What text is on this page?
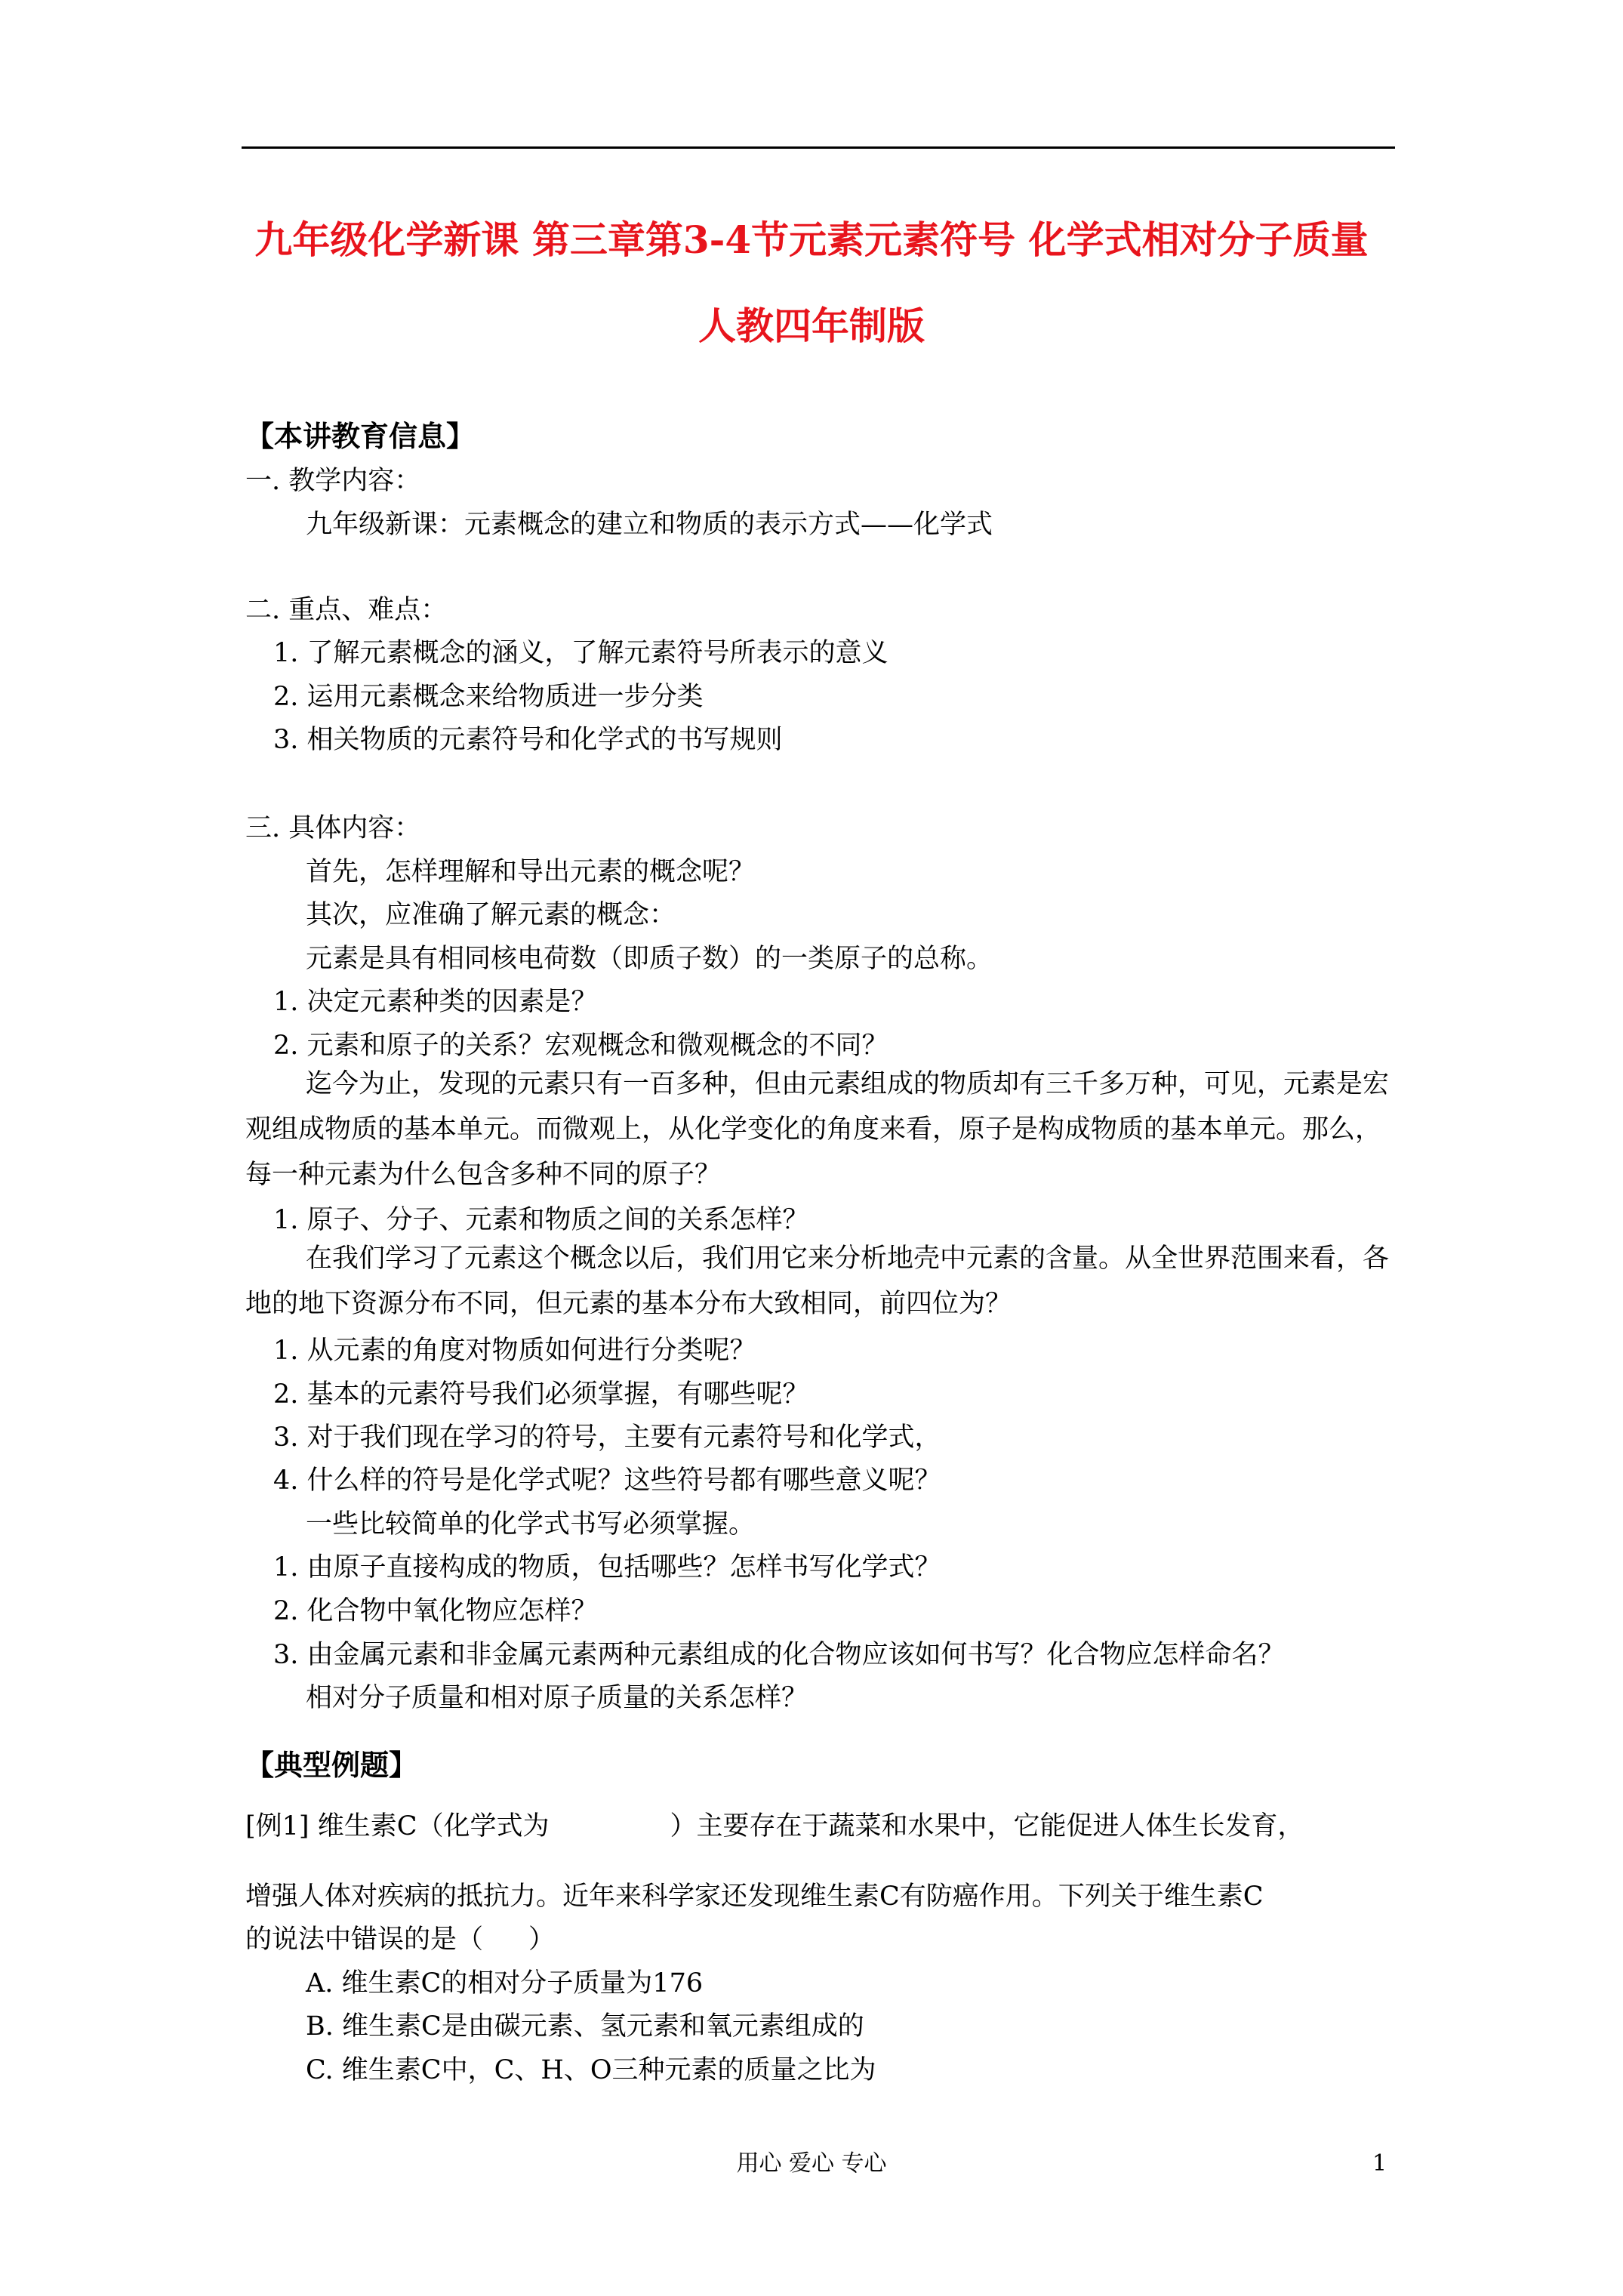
九年级化学新课 第三章第3-4节元素元素符号 化学式相对分子质量
人教四年制版
【本讲教育信息】
一. 教学内容：
九年级新课：元素概念的建立和物质的表示方式——化学式
二. 重点、难点：
1. 了解元素概念的涵义，了解元素符号所表示的意义
2. 运用元素概念来给物质进一步分类
3. 相关物质的元素符号和化学式的书写规则
三. 具体内容：
首先，怎样理解和导出元素的概念呢？
其次，应准确了解元素的概念：
元素是具有相同核电荷数（即质子数）的一类原子的总称。
1. 决定元素种类的因素是？
2. 元素和原子的关系？宏观概念和微观概念的不同？
迄今为止，发现的元素只有一百多种，但由元素组成的物质却有三千多万种，可见，元素是宏观组成物质的基本单元。而微观上，从化学变化的角度来看，原子是构成物质的基本单元。那么，每一种元素为什么包含多种不同的原子？
1. 原子、分子、元素和物质之间的关系怎样？
在我们学习了元素这个概念以后，我们用它来分析地壳中元素的含量。从全世界范围来看，各地的地下资源分布不同，但元素的基本分布大致相同，前四位为？
1. 从元素的角度对物质如何进行分类呢？
2. 基本的元素符号我们必须掌握，有哪些呢？
3. 对于我们现在学习的符号，主要有元素符号和化学式，
4. 什么样的符号是化学式呢？这些符号都有哪些意义呢？
一些比较简单的化学式书写必须掌握。
1. 由原子直接构成的物质，包括哪些？怎样书写化学式？
2. 化合物中氧化物应怎样？
3. 由金属元素和非金属元素两种元素组成的化合物应该如何书写？化合物应怎样命名？
相对分子质量和相对原子质量的关系怎样？
【典型例题】
[例1] 维生素C（化学式为	）主要存在于蔬菜和水果中，它能促进人体生长发育，
增强人体对疾病的抵抗力。近年来科学家还发现维生素C有防癌作用。下列关于维生素C
的说法中错误的是（ ）
A. 维生素C的相对分子质量为176
B. 维生素C是由碳元素、氢元素和氧元素组成的
C. 维生素C中，C、H、O三种元素的质量之比为
用心 爱心 专心	1
